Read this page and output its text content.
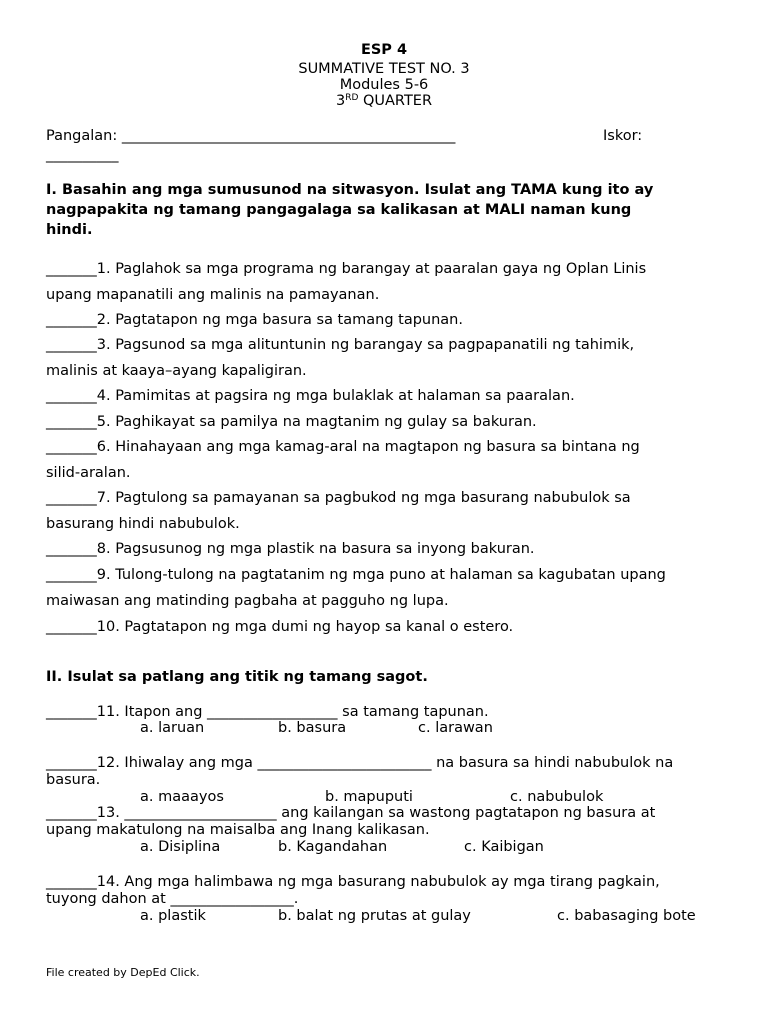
ESP 4
SUMMATIVE TEST NO. 3
Modules 5-6
3RD QUARTER
Pangalan: ______________________________________________	Iskor:
__________
I. Basahin ang mga sumusunod na sitwasyon. Isulat ang TAMA kung ito ay
nagpapakita ng tamang pangagalaga sa kalikasan at MALI naman kung
hindi.
_______1. Paglahok sa mga programa ng barangay at paaralan gaya ng Oplan Linis
upang mapanatili ang malinis na pamayanan.
_______2. Pagtatapon ng mga basura sa tamang tapunan.
_______3. Pagsunod sa mga alituntunin ng barangay sa pagpapanatili ng tahimik,
malinis at kaaya–ayang kapaligiran.
_______4. Pamimitas at pagsira ng mga bulaklak at halaman sa paaralan.
_______5. Paghikayat sa pamilya na magtanim ng gulay sa bakuran.
_______6. Hinahayaan ang mga kamag-aral na magtapon ng basura sa bintana ng
silid-aralan.
_______7. Pagtulong sa pamayanan sa pagbukod ng mga basurang nabubulok sa
basurang hindi nabubulok.
_______8. Pagsusunog ng mga plastik na basura sa inyong bakuran.
_______9. Tulong-tulong na pagtatanim ng mga puno at halaman sa kagubatan upang
maiwasan ang matinding pagbaha at pagguho ng lupa.
_______10. Pagtatapon ng mga dumi ng hayop sa kanal o estero.
II. Isulat sa patlang ang titik ng tamang sagot.
_______11. Itapon ang __________________ sa tamang tapunan.
a. laruan	b. basura	c. larawan
_______12. Ihiwalay ang mga ________________________ na basura sa hindi nabubulok na
basura.
a. maaayos	b. mapuputi	c. nabubulok
_______13. _____________________ ang kailangan sa wastong pagtatapon ng basura at
upang makatulong na maisalba ang Inang kalikasan.
a. Disiplina	b. Kagandahan	c. Kaibigan
_______14. Ang mga halimbawa ng mga basurang nabubulok ay mga tirang pagkain,
tuyong dahon at _________________.
a. plastik	b. balat ng prutas at gulay	c. babasaging bote
File created by DepEd Click.
